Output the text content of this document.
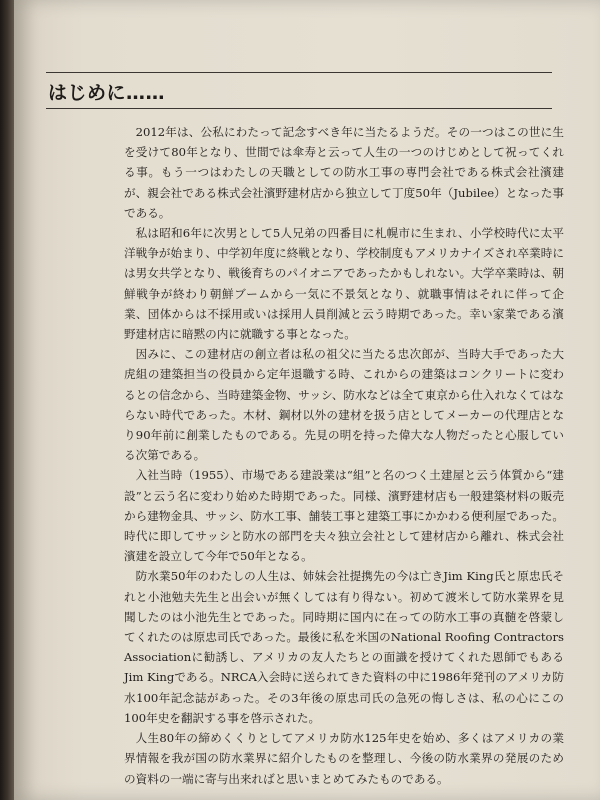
はじめに……

2012年は、公私にわたって記念すべき年に当たるようだ。その一つはこの世に生を受けて80年となり、世間では傘寿と云って人生の一つのけじめとして祝ってくれる事。もう一つはわたしの天職としての防水工事の専門会社である株式会社濱建が、親会社である株式会社濱野建材店から独立して丁度50年（Jubilee）となった事である。

私は昭和6年に次男として5人兄弟の四番目に札幌市に生まれ、小学校時代に太平洋戦争が始まり、中学初年度に終戦となり、学校制度もアメリカナイズされ卒業時には男女共学となり、戦後育ちのパイオニアであったかもしれない。大学卒業時は、朝鮮戦争が終わり朝鮮ブームから一気に不景気となり、就職事情はそれに伴って企業、団体からは不採用或いは採用人員削減と云う時期であった。幸い家業である濱野建材店に暗黙の内に就職する事となった。

因みに、この建材店の創立者は私の祖父に当たる忠次郎が、当時大手であった大虎組の建築担当の役員から定年退職する時、これからの建築はコンクリートに変わるとの信念から、当時建築金物、サッシ、防水などは全て東京から仕入れなくてはならない時代であった。木材、鋼材以外の建材を扱う店としてメーカーの代理店となり90年前に創業したものである。先見の明を持った偉大な人物だったと心服している次第である。

入社当時（1955）、市場である建設業は“組”と名のつく土建屋と云う体質から“建設”と云う名に変わり始めた時期であった。同様、濱野建材店も一般建築材料の販売から建物金具、サッシ、防水工事、舗装工事と建築工事にかかわる便利屋であった。時代に即してサッシと防水の部門を夫々独立会社として建材店から離れ、株式会社濱建を設立して今年で50年となる。

防水業50年のわたしの人生は、姉妹会社提携先の今は亡きJim King氏と原忠氏それと小池勉夫先生と出会いが無くしては有り得ない。初めて渡米して防水業界を見聞したのは小池先生とであった。同時期に国内に在っての防水工事の真髄を啓蒙してくれたのは原忠司氏であった。最後に私を米国のNational Roofing Contractors Associationに勧誘し、アメリカの友人たちとの面識を授けてくれた恩師でもあるJim Kingである。NRCA入会時に送られてきた資料の中に1986年発刊のアメリカ防水100年記念誌があった。その3年後の原忠司氏の急死の悔しさは、私の心にこの100年史を翻訳する事を啓示された。

人生80年の締めくくりとしてアメリカ防水125年史を始め、多くはアメリカの業界情報を我が国の防水業界に紹介したものを整理し、今後の防水業界の発展のための資料の一端に寄与出来ればと思いまとめてみたものである。
